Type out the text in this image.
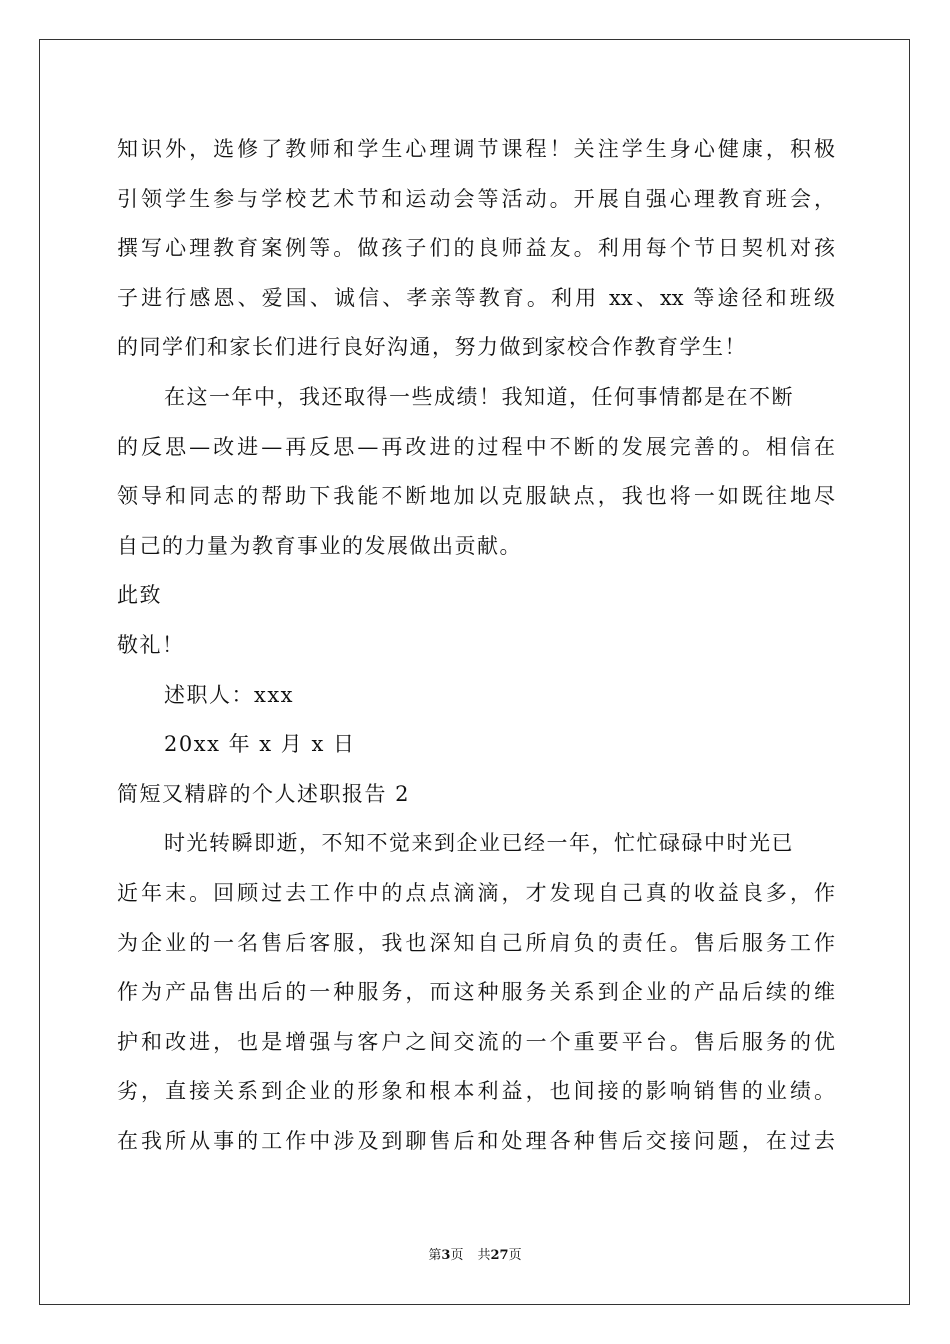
知识外，选修了教师和学生心理调节课程！关注学生身心健康，积极
引领学生参与学校艺术节和运动会等活动。开展自强心理教育班会，
撰写心理教育案例等。做孩子们的良师益友。利用每个节日契机对孩
子进行感恩、爱国、诚信、孝亲等教育。利用 xx、xx 等途径和班级
的同学们和家长们进行良好沟通，努力做到家校合作教育学生！
在这一年中，我还取得一些成绩！我知道，任何事情都是在不断
的反思—改进—再反思—再改进的过程中不断的发展完善的。相信在
领导和同志的帮助下我能不断地加以克服缺点，我也将一如既往地尽
自己的力量为教育事业的发展做出贡献。
此致
敬礼！
述职人：xxx
20xx 年 x 月 x 日
简短又精辟的个人述职报告 2
时光转瞬即逝，不知不觉来到企业已经一年，忙忙碌碌中时光已
近年末。回顾过去工作中的点点滴滴，才发现自己真的收益良多，作
为企业的一名售后客服，我也深知自己所肩负的责任。售后服务工作
作为产品售出后的一种服务，而这种服务关系到企业的产品后续的维
护和改进，也是增强与客户之间交流的一个重要平台。售后服务的优
劣，直接关系到企业的形象和根本利益，也间接的影响销售的业绩。
在我所从事的工作中涉及到聊售后和处理各种售后交接问题，在过去
第3页 共27页
